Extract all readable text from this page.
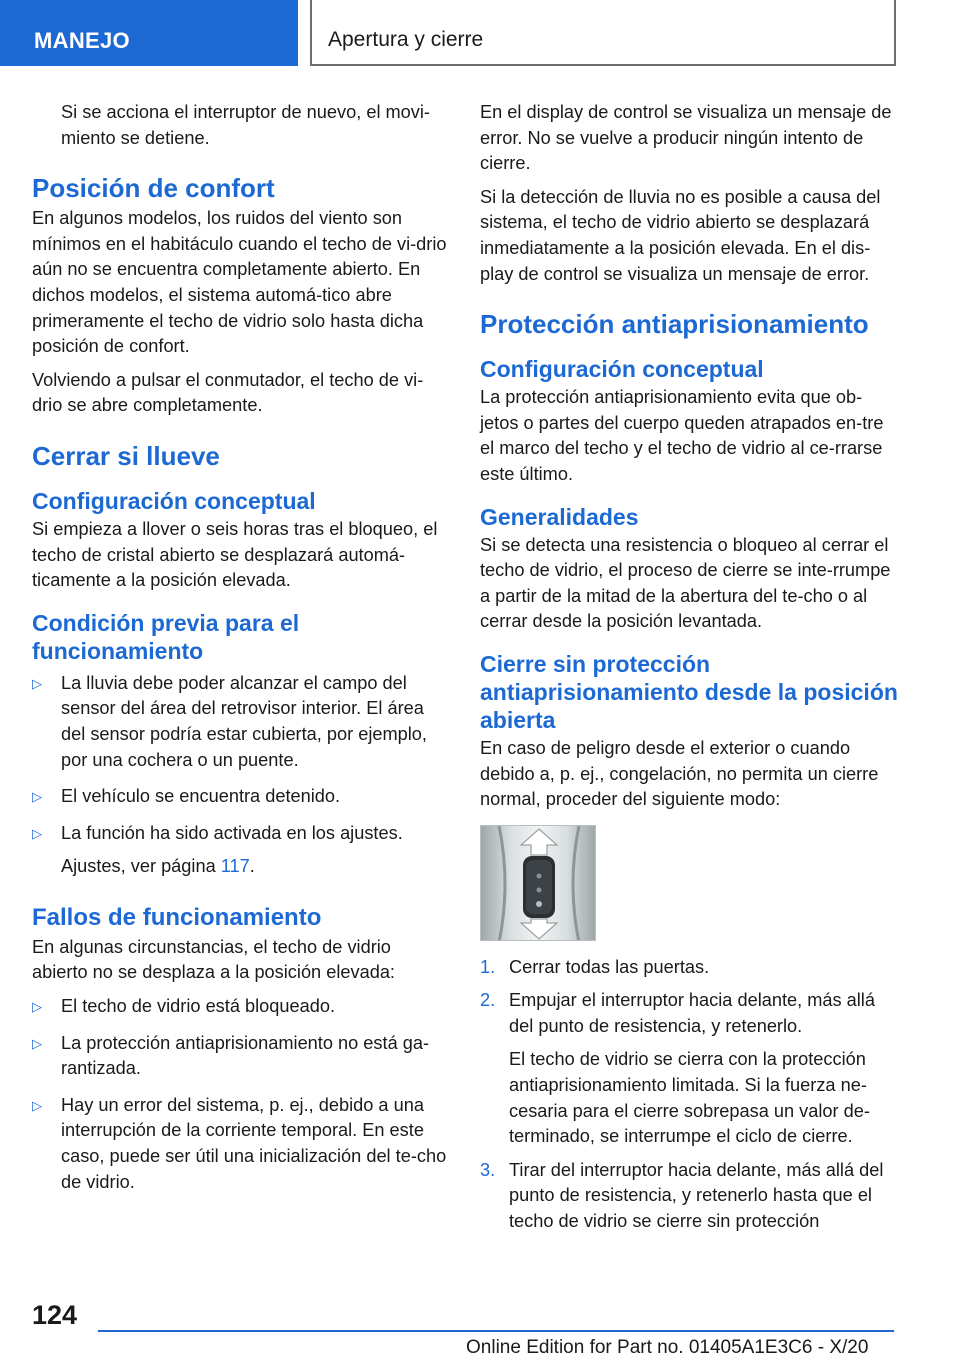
MANEJO	Apertura y cierre

Si se acciona el interruptor de nuevo, el movi-miento se detiene.

Posición de confort

En algunos modelos, los ruidos del viento son mínimos en el habitáculo cuando el techo de vi-drio aún no se encuentra completamente abierto. En dichos modelos, el sistema automá-tico abre primeramente el techo de vidrio solo hasta dicha posición de confort.

Volviendo a pulsar el conmutador, el techo de vi-drio se abre completamente.

Cerrar si llueve
Configuración conceptual

Si empieza a llover o seis horas tras el bloqueo, el techo de cristal abierto se desplazará automá-ticamente a la posición elevada.

Condición previa para el funcionamiento
▷ La lluvia debe poder alcanzar el campo del sensor del área del retrovisor interior. El área del sensor podría estar cubierta, por ejemplo, por una cochera o un puente.
▷ El vehículo se encuentra detenido.
▷ La función ha sido activada en los ajustes.

Ajustes, ver página 117.

Fallos de funcionamiento

En algunas circunstancias, el techo de vidrio abierto no se desplaza a la posición elevada:

▷ El techo de vidrio está bloqueado.
▷ La protección antiaprisionamiento no está ga-rantizada.
▷ Hay un error del sistema, p. ej., debido a una interrupción de la corriente temporal. En este caso, puede ser útil una inicialización del te-cho de vidrio.

En el display de control se visualiza un mensaje de error. No se vuelve a producir ningún intento de cierre.

Si la detección de lluvia no es posible a causa del sistema, el techo de vidrio abierto se desplazará inmediatamente a la posición elevada. En el dis-play de control se visualiza un mensaje de error.

Protección antiaprisionamiento
Configuración conceptual

La protección antiaprisionamiento evita que ob-jetos o partes del cuerpo queden atrapados en-tre el marco del techo y el techo de vidrio al ce-rrarse este último.

Generalidades

Si se detecta una resistencia o bloqueo al cerrar el techo de vidrio, el proceso de cierre se inte-rrumpe a partir de la mitad de la abertura del te-cho o al cerrar desde la posición levantada.

Cierre sin protección antiaprisionamiento desde la posición abierta

En caso de peligro desde el exterior o cuando debido a, p. ej., congelación, no permita un cierre normal, proceder del siguiente modo:

1. Cerrar todas las puertas.
2. Empujar el interruptor hacia delante, más allá del punto de resistencia, y retenerlo.

El techo de vidrio se cierra con la protección antiaprisionamiento limitada. Si la fuerza ne-cesaria para el cierre sobrepasa un valor de-terminado, se interrumpe el ciclo de cierre.

3. Tirar del interruptor hacia delante, más allá del punto de resistencia, y retenerlo hasta que el techo de vidrio se cierre sin protección
124
Online Edition for Part no. 01405A1E3C6 - X/20
